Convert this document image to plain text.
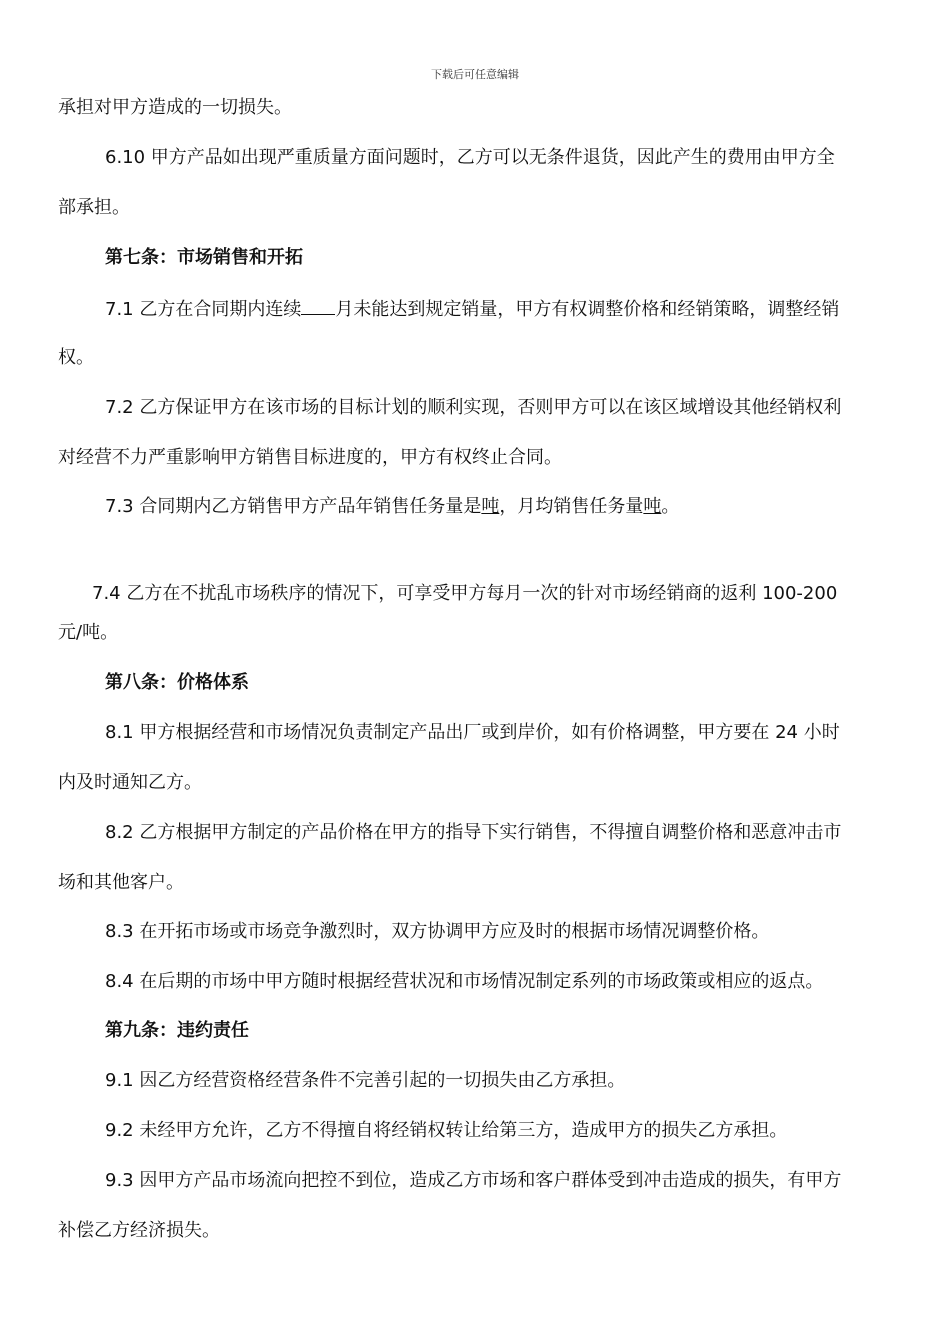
下载后可任意编辑
承担对甲方造成的一切损失。
6.10 甲方产品如出现严重质量方面问题时，乙方可以无条件退货，因此产生的费用由甲方全
部承担。
第七条：市场销售和开拓
7.1 乙方在合同期内连续 月未能达到规定销量，甲方有权调整价格和经销策略，调整经销
权。
7.2 乙方保证甲方在该市场的目标计划的顺利实现，否则甲方可以在该区域增设其他经销权利
对经营不力严重影响甲方销售目标进度的，甲方有权终止合同。
7.3 合同期内乙方销售甲方产品年销售任务量是吨，月均销售任务量吨。
7.4 乙方在不扰乱市场秩序的情况下，可享受甲方每月一次的针对市场经销商的返利 100-200
元/吨。
第八条：价格体系
8.1 甲方根据经营和市场情况负责制定产品出厂或到岸价，如有价格调整，甲方要在 24 小时
内及时通知乙方。
8.2 乙方根据甲方制定的产品价格在甲方的指导下实行销售，不得擅自调整价格和恶意冲击市
场和其他客户。
8.3 在开拓市场或市场竞争激烈时，双方协调甲方应及时的根据市场情况调整价格。
8.4 在后期的市场中甲方随时根据经营状况和市场情况制定系列的市场政策或相应的返点。
第九条：违约责任
9.1 因乙方经营资格经营条件不完善引起的一切损失由乙方承担。
9.2 未经甲方允许，乙方不得擅自将经销权转让给第三方，造成甲方的损失乙方承担。
9.3 因甲方产品市场流向把控不到位，造成乙方市场和客户群体受到冲击造成的损失，有甲方
补偿乙方经济损失。
